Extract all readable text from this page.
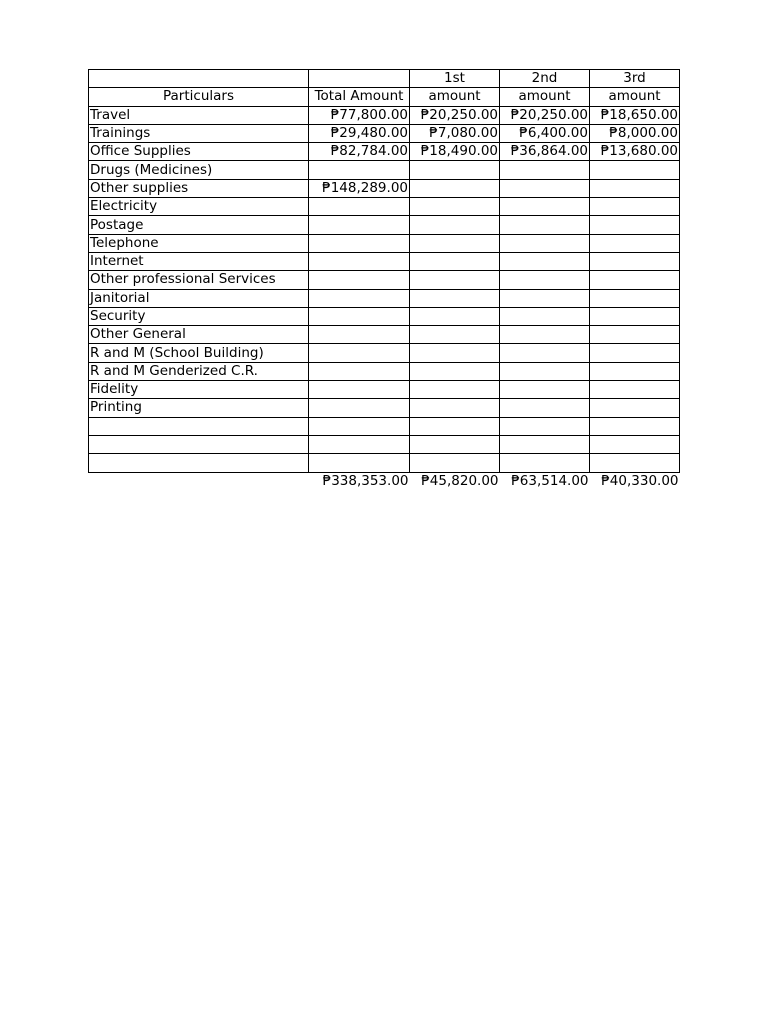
		1st	2nd	3rd
Particulars	Total Amount	amount	amount	amount
Travel	₱77,800.00	₱20,250.00	₱20,250.00	₱18,650.00
Trainings	₱29,480.00	₱7,080.00	₱6,400.00	₱8,000.00
Office Supplies	₱82,784.00	₱18,490.00	₱36,864.00	₱13,680.00
Drugs (Medicines)				
Other supplies	₱148,289.00			
Electricity				
Postage				
Telephone				
Internet				
Other professional Services				
Janitorial				
Security				
Other General				
R and M (School Building)				
R and M Genderized C.R.				
Fidelity				
Printing				

	₱338,353.00	₱45,820.00	₱63,514.00	₱40,330.00
